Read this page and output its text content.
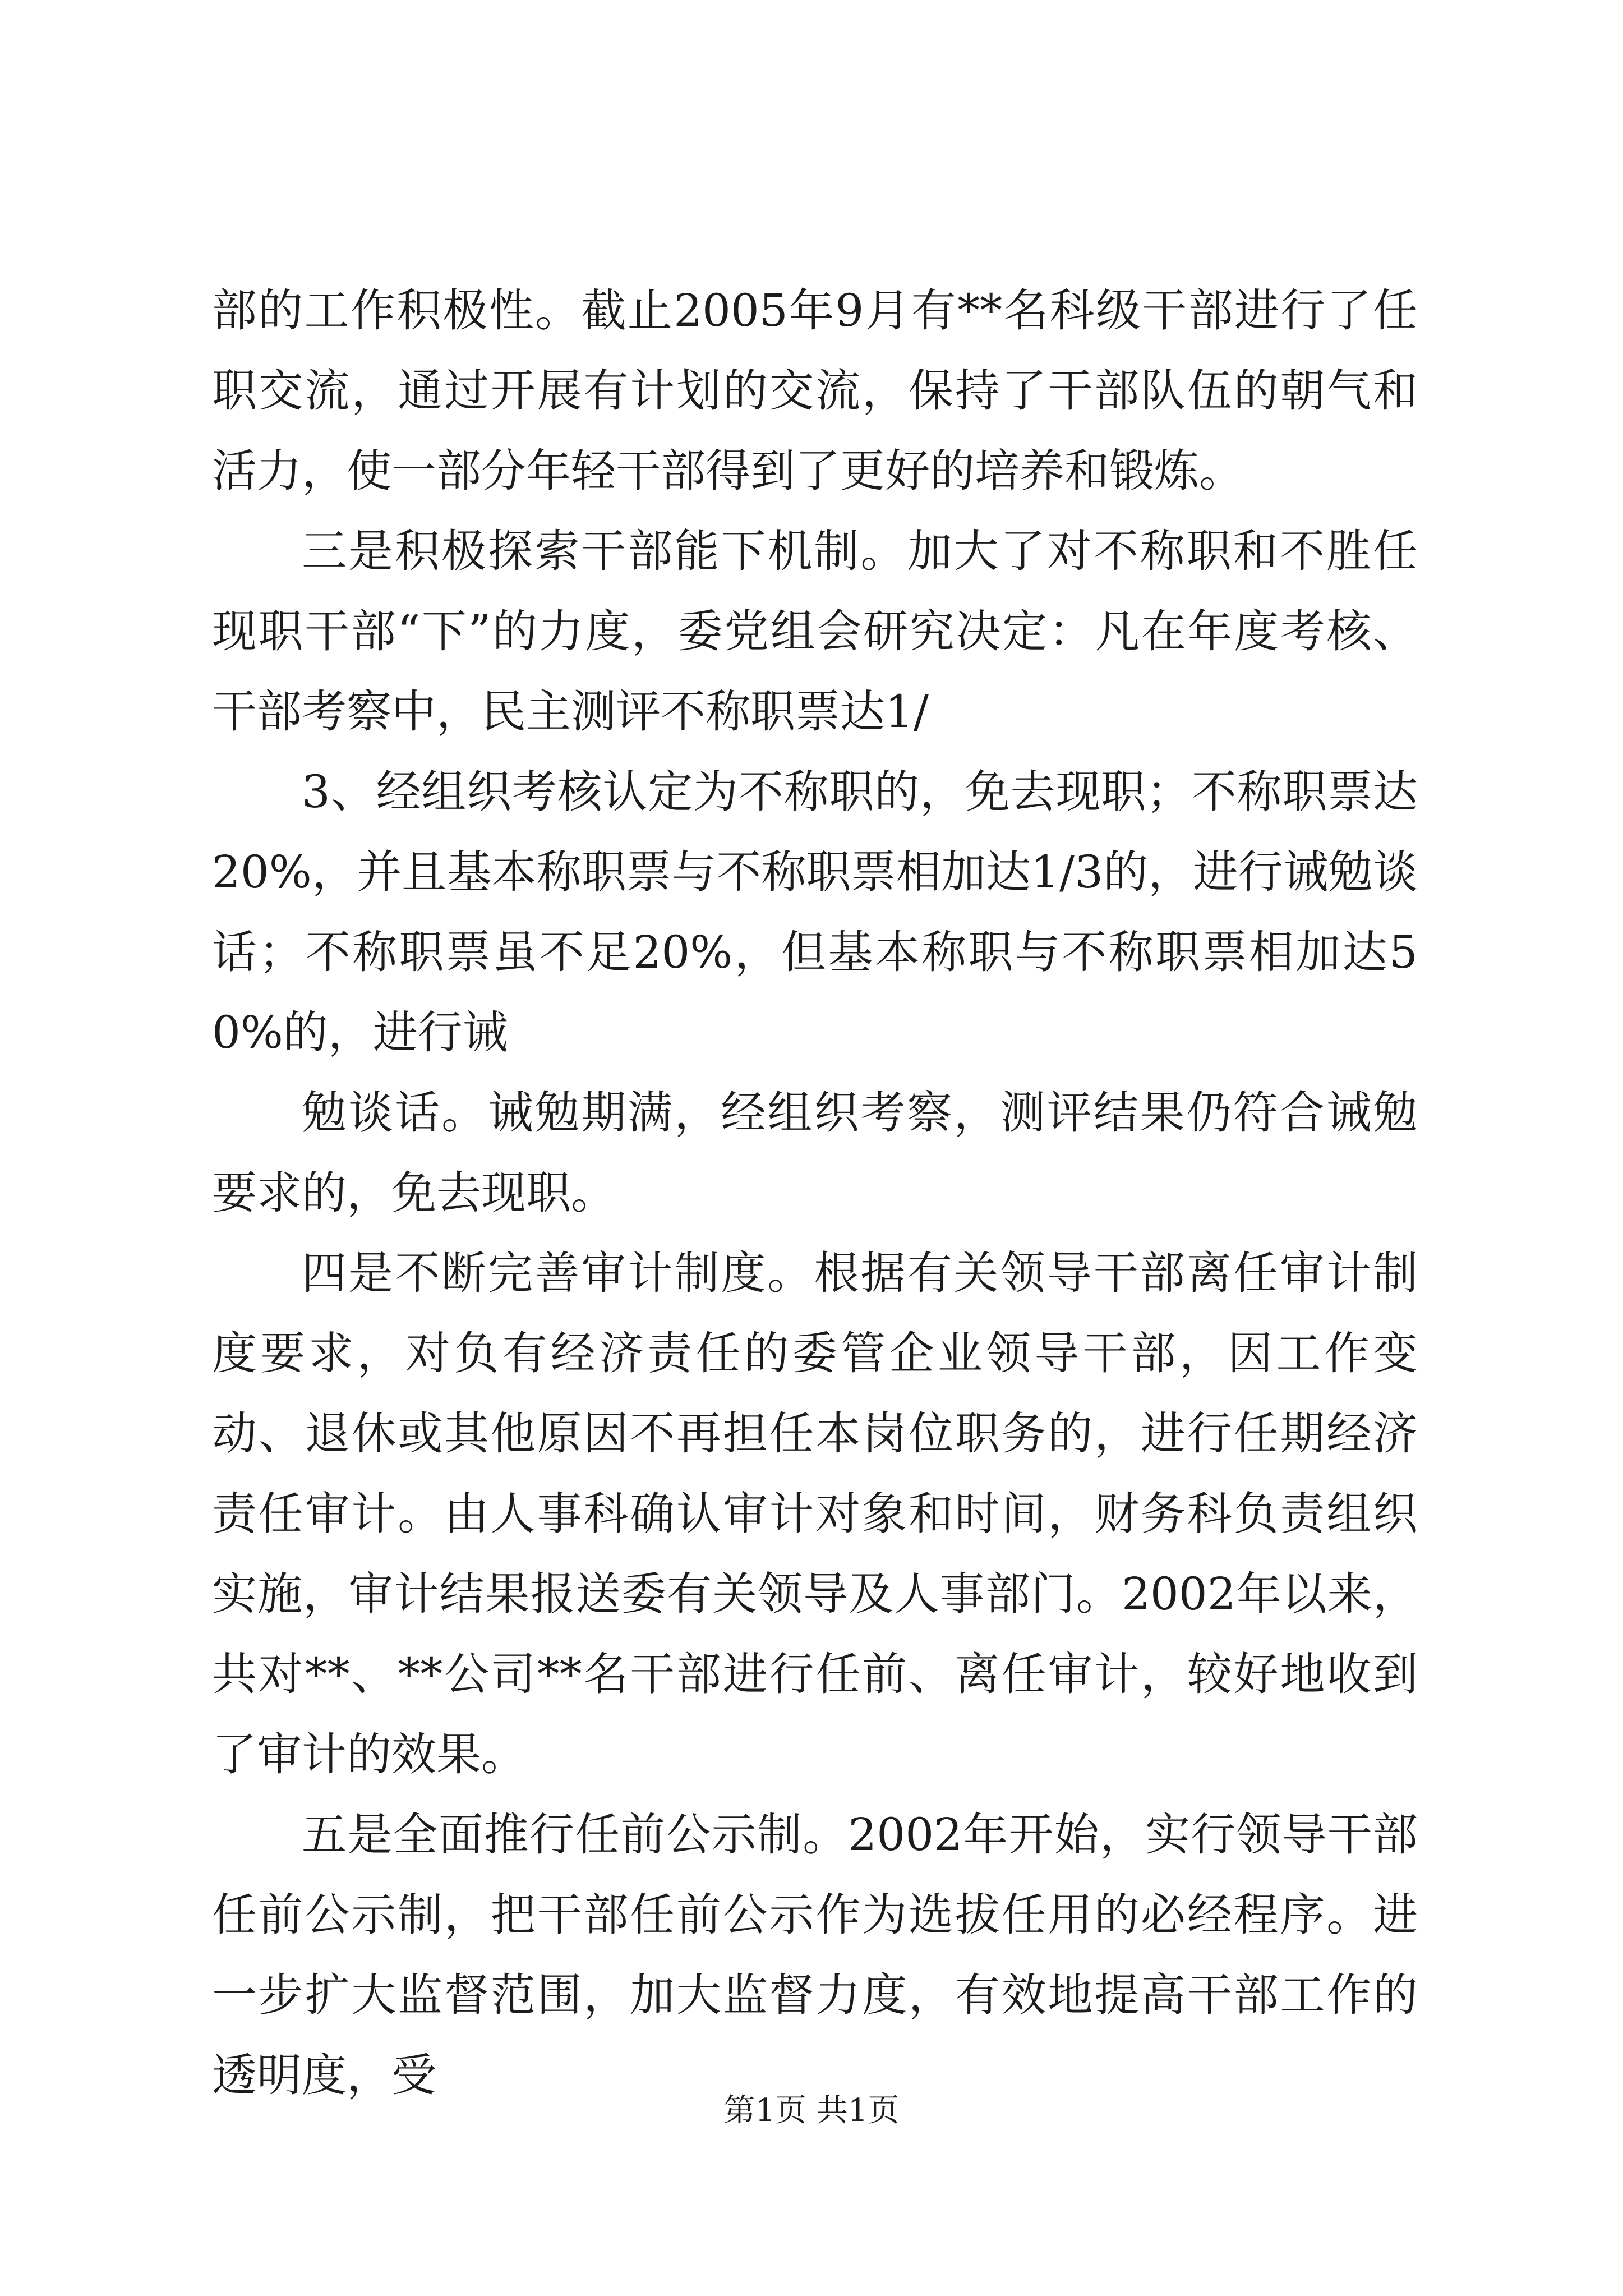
部的工作积极性。截止2005年9月有**名科级干部进行了任职交流，通过开展有计划的交流，保持了干部队伍的朝气和活力，使一部分年轻干部得到了更好的培养和锻炼。

三是积极探索干部能下机制。加大了对不称职和不胜任现职干部“下”的力度，委党组会研究决定：凡在年度考核、干部考察中，民主测评不称职票达1/

3、经组织考核认定为不称职的，免去现职；不称职票达20%，并且基本称职票与不称职票相加达1/3的，进行诫勉谈话；不称职票虽不足20%，但基本称职与不称职票相加达50%的，进行诫

勉谈话。诫勉期满，经组织考察，测评结果仍符合诫勉要求的，免去现职。

四是不断完善审计制度。根据有关领导干部离任审计制度要求，对负有经济责任的委管企业领导干部，因工作变动、退休或其他原因不再担任本岗位职务的，进行任期经济责任审计。由人事科确认审计对象和时间，财务科负责组织实施，审计结果报送委有关领导及人事部门。2002年以来，共对**、**公司**名干部进行任前、离任审计，较好地收到了审计的效果。

五是全面推行任前公示制。2002年开始，实行领导干部任前公示制，把干部任前公示作为选拔任用的必经程序。进一步扩大监督范围，加大监督力度，有效地提高干部工作的透明度，受

第1页 共1页
